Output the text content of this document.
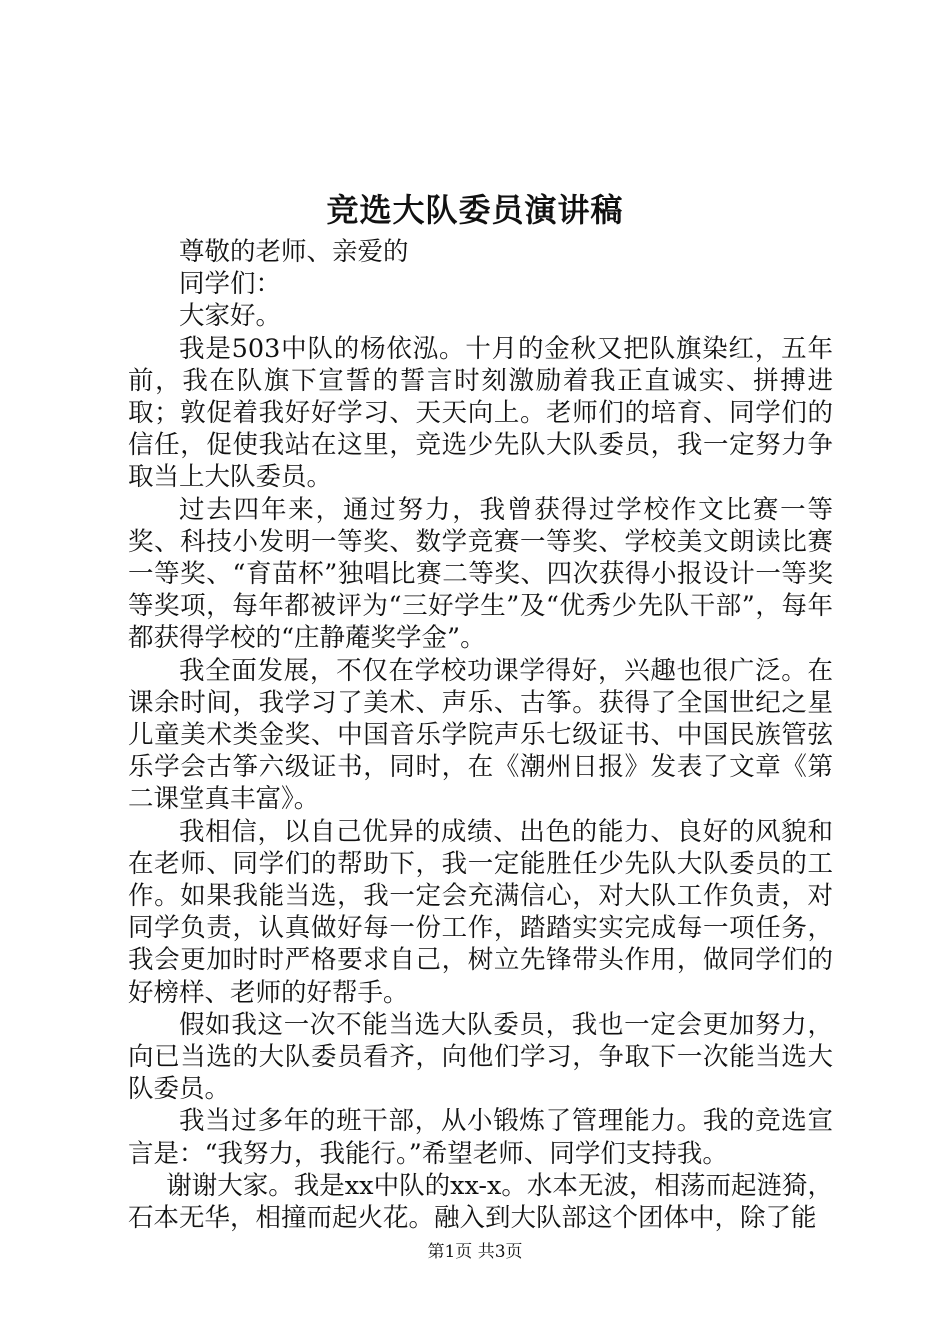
竞选大队委员演讲稿

尊敬的老师、亲爱的

同学们：

大家好。

我是503中队的杨依泓。十月的金秋又把队旗染红，五年前，我在队旗下宣誓的誓言时刻激励着我正直诚实、拼搏进取；敦促着我好好学习、天天向上。老师们的培育、同学们的信任，促使我站在这里，竞选少先队大队委员，我一定努力争取当上大队委员。

过去四年来，通过努力，我曾获得过学校作文比赛一等奖、科技小发明一等奖、数学竞赛一等奖、学校美文朗读比赛一等奖、“育苗杯”独唱比赛二等奖、四次获得小报设计一等奖等奖项，每年都被评为“三好学生”及“优秀少先队干部”，每年都获得学校的“庄静蓭奖学金”。

我全面发展，不仅在学校功课学得好，兴趣也很广泛。在课余时间，我学习了美术、声乐、古筝。获得了全国世纪之星儿童美术类金奖、中国音乐学院声乐七级证书、中国民族管弦乐学会古筝六级证书，同时，在《潮州日报》发表了文章《第二课堂真丰富》。

我相信，以自己优异的成绩、出色的能力、良好的风貌和在老师、同学们的帮助下，我一定能胜任少先队大队委员的工作。如果我能当选，我一定会充满信心，对大队工作负责，对同学负责，认真做好每一份工作，踏踏实实完成每一项任务，我会更加时时严格要求自己，树立先锋带头作用，做同学们的好榜样、老师的好帮手。

假如我这一次不能当选大队委员，我也一定会更加努力，向已当选的大队委员看齐，向他们学习，争取下一次能当选大队委员。

我当过多年的班干部，从小锻炼了管理能力。我的竞选宣言是：“我努力，我能行。”希望老师、同学们支持我。

谢谢大家。我是xx中队的xx-x。水本无波，相荡而起涟猗，石本无华，相撞而起火花。融入到大队部这个团体中，除了能

第1页 共3页
